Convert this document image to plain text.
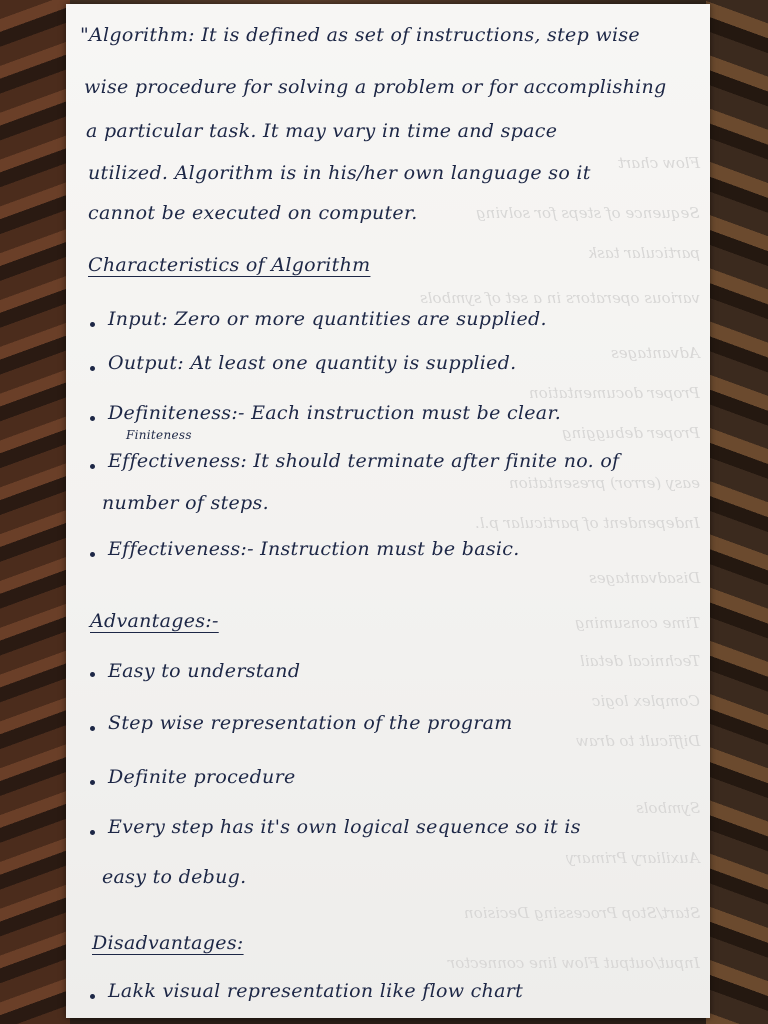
Flow chart
Sequence of steps for solving
particular task
various operators in a set of symbols
Advantages
Proper documentation
Proper debugging
easy (error) presentation
Independent of particular p.l.
Disadvantages
Time consuming
Technical detail
Complex logic
Difficult to draw
Symbols
Auxiliary Primary
Start/Stop Processing Decision
Input/output Flow line connector
"Algorithm: It is defined as set of instructions, step wise
wise procedure for solving a problem or for accomplishing
a particular task. It may vary in time and space
utilized. Algorithm is in his/her own language so it
cannot be executed on computer.
Characteristics of Algorithm
Input: Zero or more quantities are supplied.
Output: At least one quantity is supplied.
Definiteness:- Each instruction must be clear.
Finiteness
Effectiveness: It should terminate after finite no. of
number of steps.
Effectiveness:- Instruction must be basic.
Advantages:-
Easy to understand
Step wise representation of the program
Definite procedure
Every step has it's own logical sequence so it is
easy to debug.
Disadvantages:
Lakk visual representation like flow chart
